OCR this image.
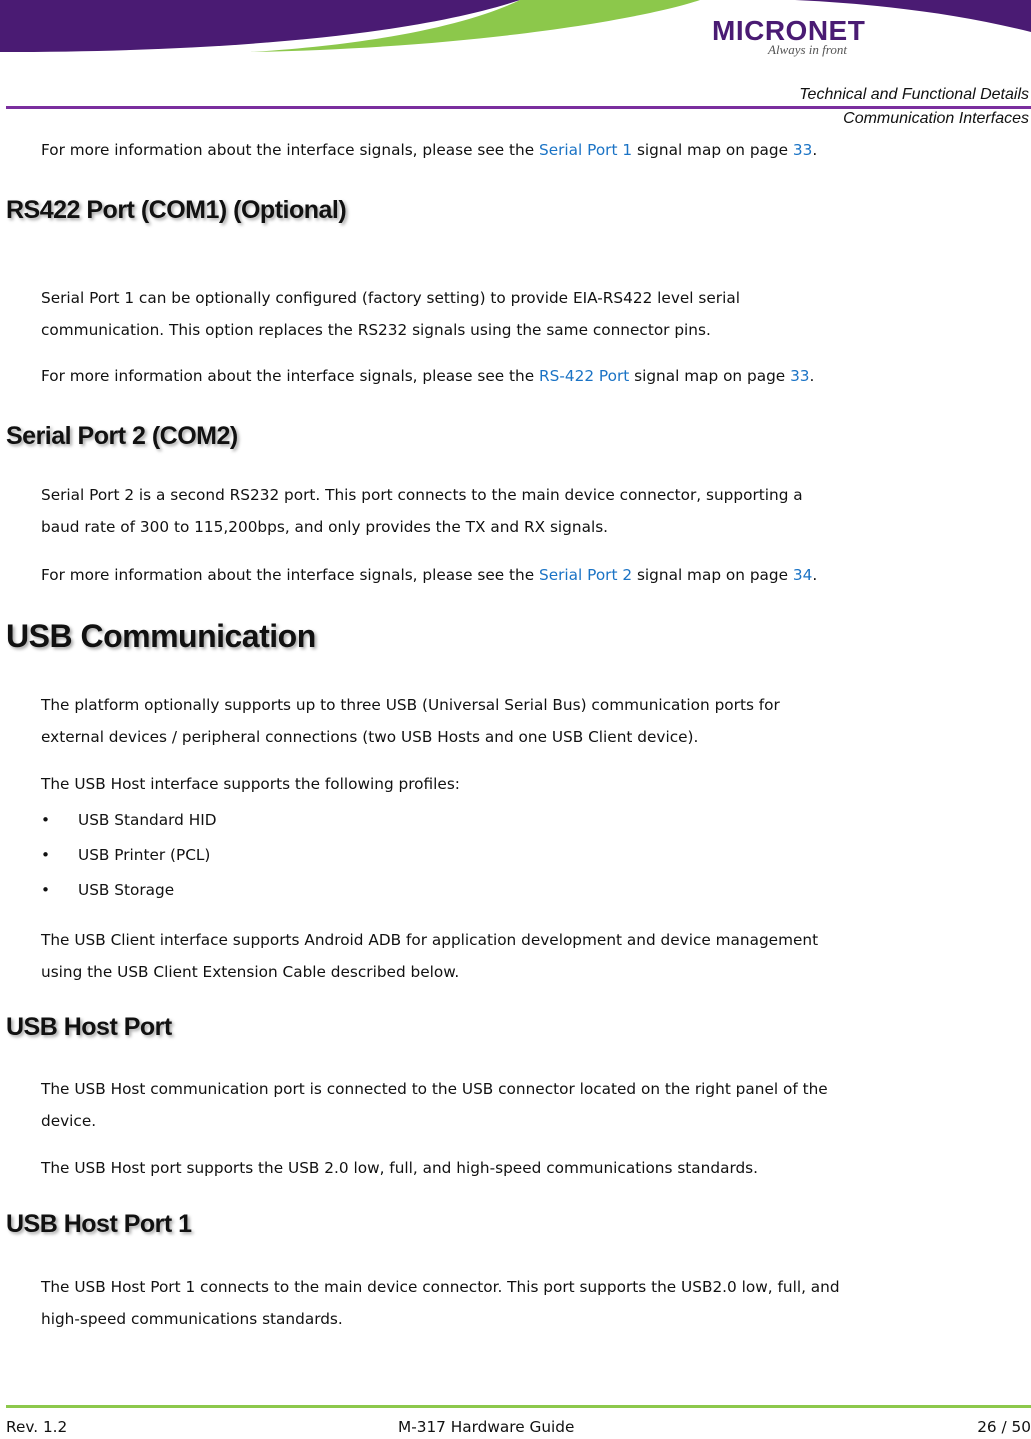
MICRONET
Always in front
Technical and Functional Details
Communication Interfaces

For more information about the interface signals, please see the Serial Port 1 signal map on page 33.

RS422 Port (COM1) (Optional)

Serial Port 1 can be optionally configured (factory setting) to provide EIA-RS422 level serial

communication. This option replaces the RS232 signals using the same connector pins.

For more information about the interface signals, please see the RS-422 Port signal map on page 33.

Serial Port 2 (COM2)

Serial Port 2 is a second RS232 port. This port connects to the main device connector, supporting a

baud rate of 300 to 115,200bps, and only provides the TX and RX signals.

For more information about the interface signals, please see the Serial Port 2 signal map on page 34.

USB Communication

The platform optionally supports up to three USB (Universal Serial Bus) communication ports for

external devices / peripheral connections (two USB Hosts and one USB Client device).

The USB Host interface supports the following profiles:

• USB Standard HID
• USB Printer (PCL)
• USB Storage

The USB Client interface supports Android ADB for application development and device management

using the USB Client Extension Cable described below.

USB Host Port

The USB Host communication port is connected to the USB connector located on the right panel of the

device.

The USB Host port supports the USB 2.0 low, full, and high-speed communications standards.

USB Host Port 1

The USB Host Port 1 connects to the main device connector. This port supports the USB2.0 low, full, and

high-speed communications standards.

Rev. 1.2	M-317 Hardware Guide	26 / 50
